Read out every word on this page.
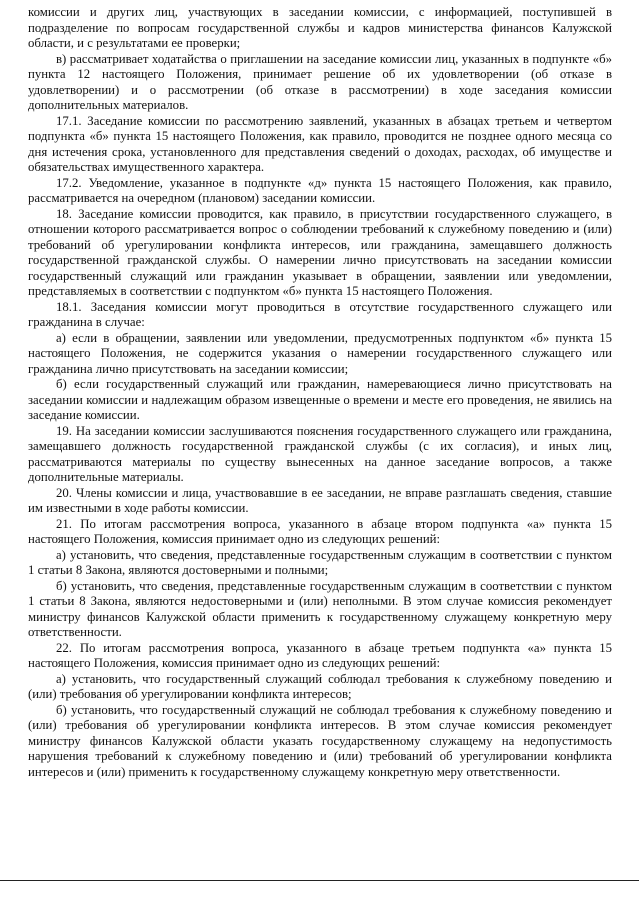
комиссии и других лиц, участвующих в заседании комиссии, с информацией, поступившей в подразделение по вопросам государственной службы и кадров министерства финансов Калужской области, и с результатами ее проверки;

в) рассматривает ходатайства о приглашении на заседание комиссии лиц, указанных в подпункте «б» пункта 12 настоящего Положения, принимает решение об их удовлетворении (об отказе в удовлетворении) и о рассмотрении (об отказе в рассмотрении) в ходе заседания комиссии дополнительных материалов.

17.1. Заседание комиссии по рассмотрению заявлений, указанных в абзацах третьем и четвертом подпункта «б» пункта 15 настоящего Положения, как правило, проводится не позднее одного месяца со дня истечения срока, установленного для представления сведений о доходах, расходах, об имуществе и обязательствах имущественного характера.

17.2. Уведомление, указанное в подпункте «д» пункта 15 настоящего Положения, как правило, рассматривается на очередном (плановом) заседании комиссии.

18. Заседание комиссии проводится, как правило, в присутствии государственного служащего, в отношении которого рассматривается вопрос о соблюдении требований к служебному поведению и (или) требований об урегулировании конфликта интересов, или гражданина, замещавшего должность государственной гражданской службы. О намерении лично присутствовать на заседании комиссии государственный служащий или гражданин указывает в обращении, заявлении или уведомлении, представляемых в соответствии с подпунктом «б» пункта 15 настоящего Положения.

18.1. Заседания комиссии могут проводиться в отсутствие государственного служащего или гражданина в случае:

а) если в обращении, заявлении или уведомлении, предусмотренных подпунктом «б» пункта 15 настоящего Положения, не содержится указания о намерении государственного служащего или гражданина лично присутствовать на заседании комиссии;

б) если государственный служащий или гражданин, намеревающиеся лично присутствовать на заседании комиссии и надлежащим образом извещенные о времени и месте его проведения, не явились на заседание комиссии.

19. На заседании комиссии заслушиваются пояснения государственного служащего или гражданина, замещавшего должность государственной гражданской службы (с их согласия), и иных лиц, рассматриваются материалы по существу вынесенных на данное заседание вопросов, а также дополнительные материалы.

20. Члены комиссии и лица, участвовавшие в ее заседании, не вправе разглашать сведения, ставшие им известными в ходе работы комиссии.

21. По итогам рассмотрения вопроса, указанного в абзаце втором подпункта «а» пункта 15 настоящего Положения, комиссия принимает одно из следующих решений:

а) установить, что сведения, представленные государственным служащим в соответствии с пунктом 1 статьи 8 Закона, являются достоверными и полными;

б) установить, что сведения, представленные государственным служащим в соответствии с пунктом 1 статьи 8 Закона, являются недостоверными и (или) неполными. В этом случае комиссия рекомендует министру финансов Калужской области применить к государственному служащему конкретную меру ответственности.

22. По итогам рассмотрения вопроса, указанного в абзаце третьем подпункта «а» пункта 15 настоящего Положения, комиссия принимает одно из следующих решений:

а) установить, что государственный служащий соблюдал требования к служебному поведению и (или) требования об урегулировании конфликта интересов;

б) установить, что государственный служащий не соблюдал требования к служебному поведению и (или) требования об урегулировании конфликта интересов. В этом случае комиссия рекомендует министру финансов Калужской области указать государственному служащему на недопустимость нарушения требований к служебному поведению и (или) требований об урегулировании конфликта интересов и (или) применить к государственному служащему конкретную меру ответственности.
